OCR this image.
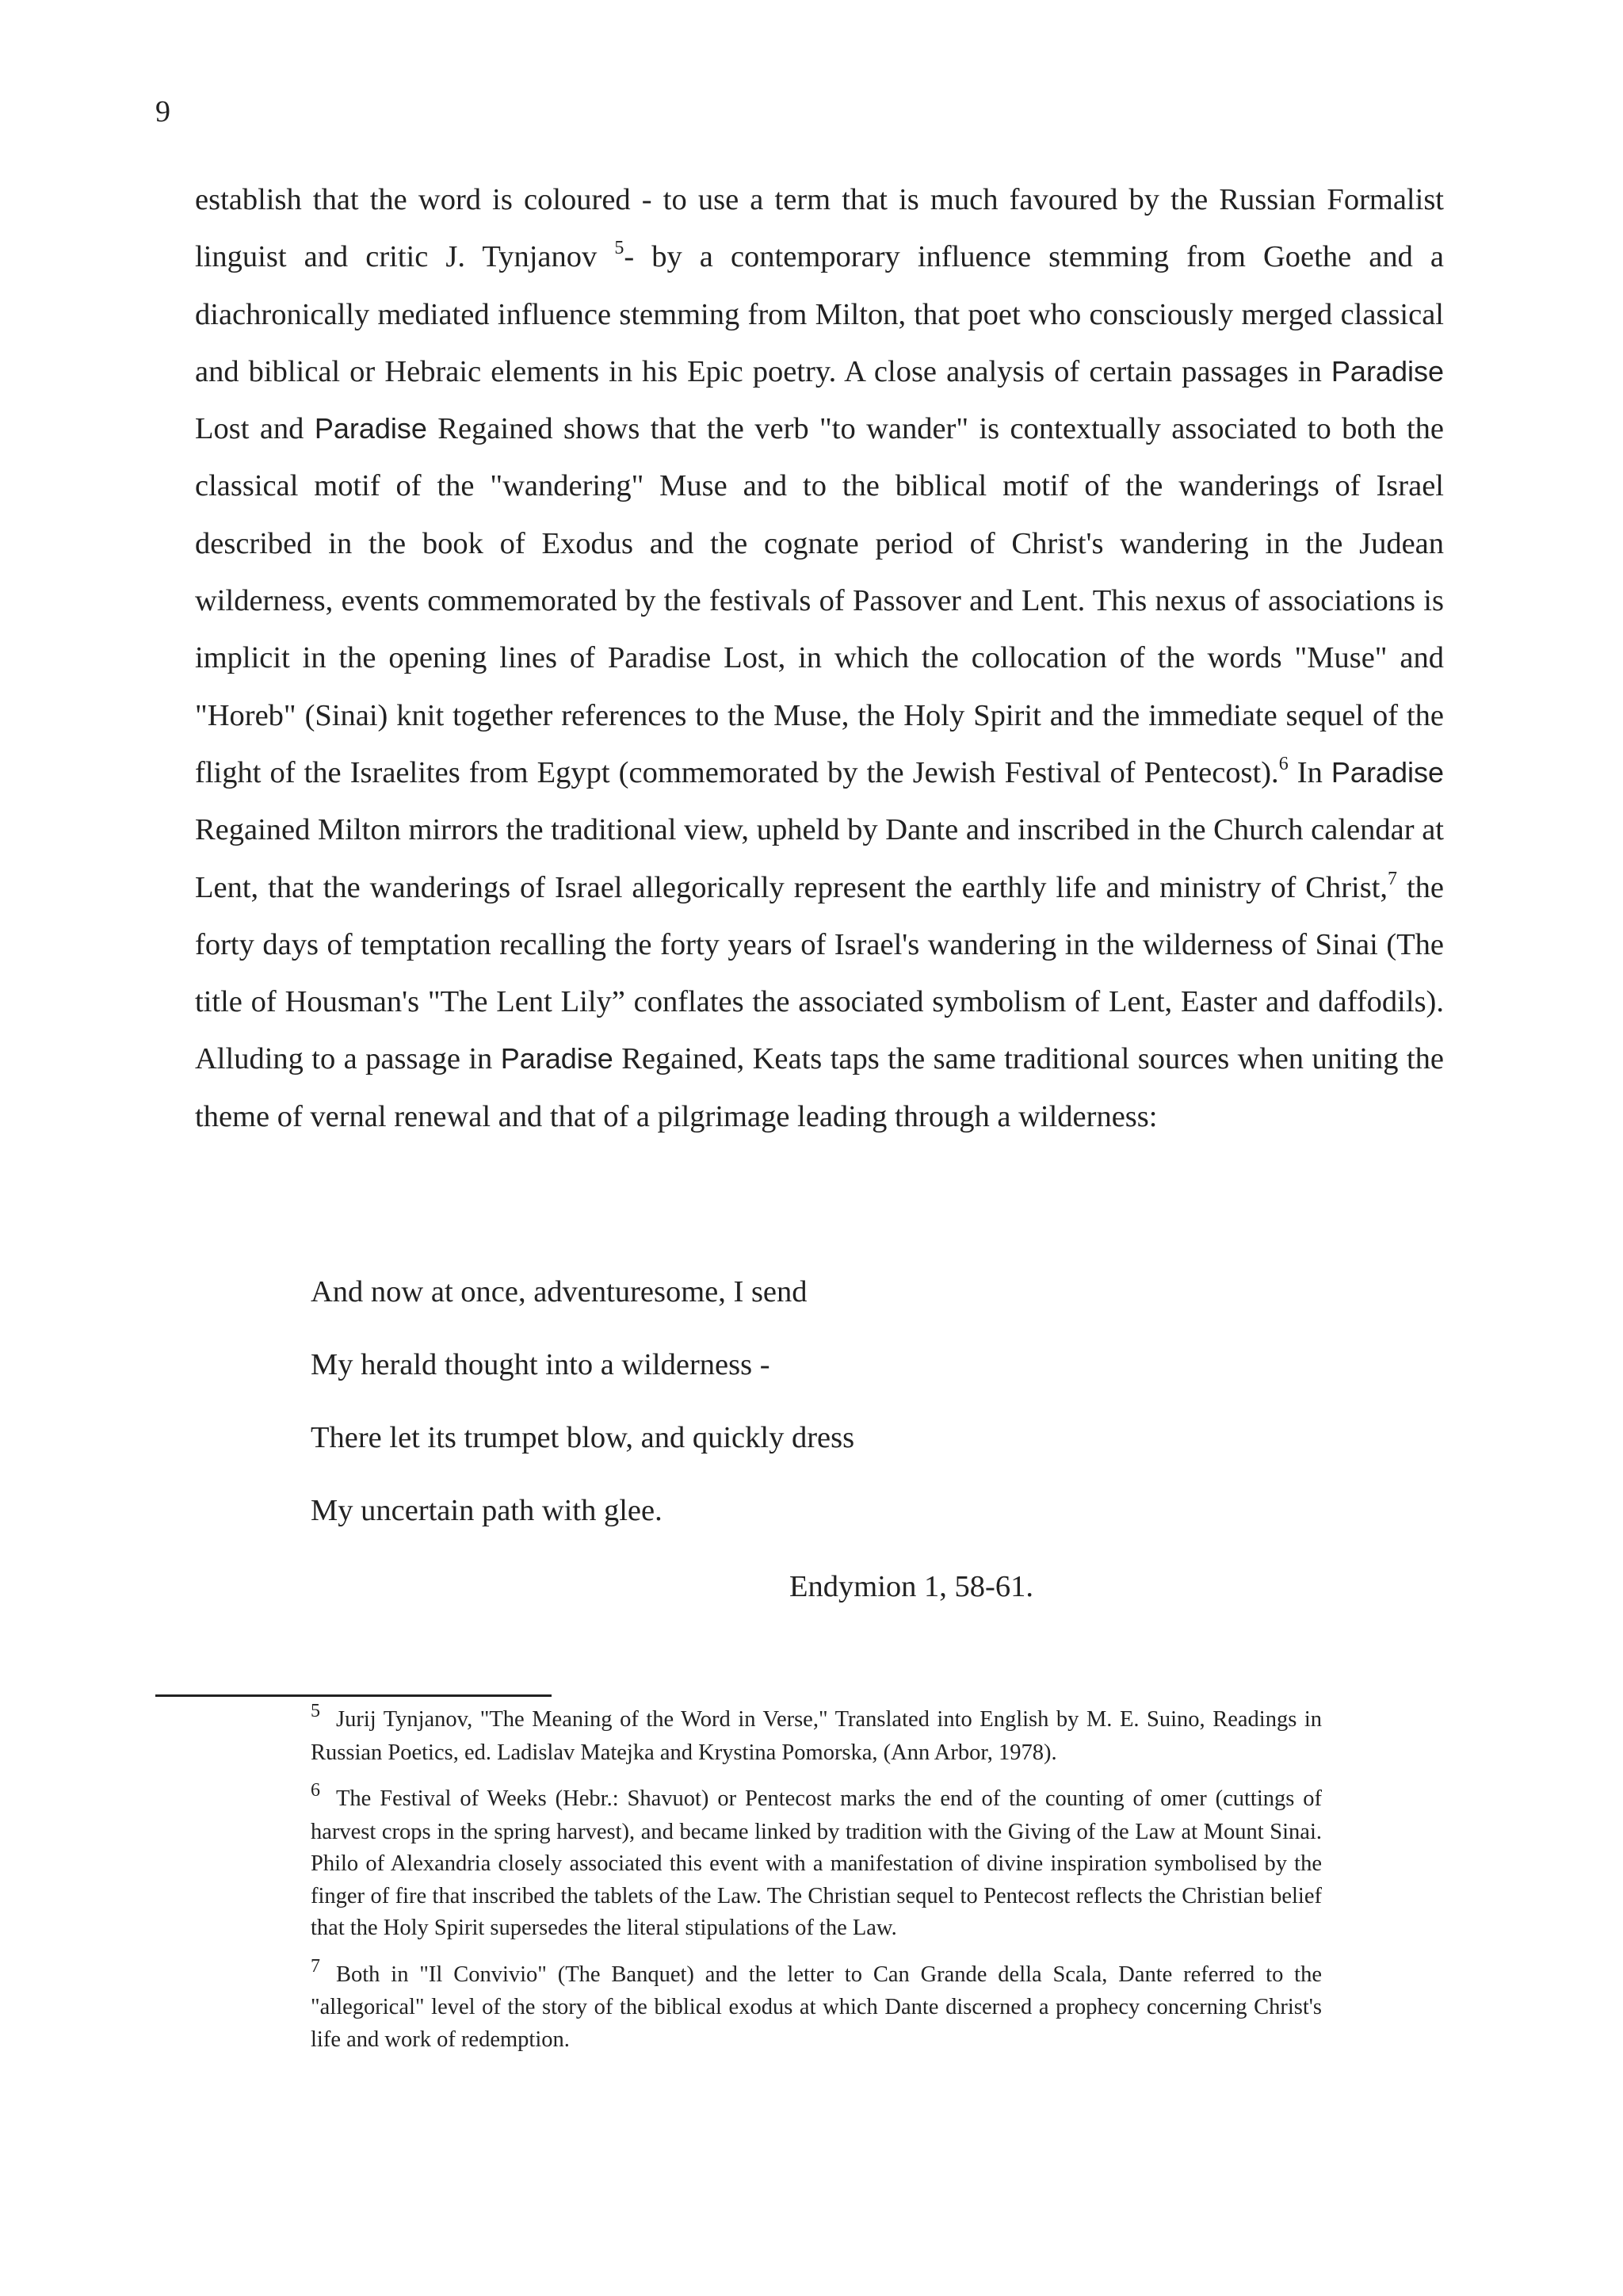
9

establish that the word is coloured - to use a term that is much favoured by the Russian Formalist linguist and critic J. Tynjanov $^5$- by a contemporary influence stemming from Goethe and a diachronically mediated influence stemming from Milton, that poet who consciously merged classical and biblical or Hebraic elements in his Epic poetry. A close analysis of certain passages in Paradise Lost and Paradise Regained shows that the verb "to wander" is contextually associated to both the classical motif of the "wandering" Muse and to the biblical motif of the wanderings of Israel described in the book of Exodus and the cognate period of Christ's wandering in the Judean wilderness, events commemorated by the festivals of Passover and Lent. This nexus of associations is implicit in the opening lines of Paradise Lost, in which the collocation of the words "Muse" and "Horeb" (Sinai) knit together references to the Muse, the Holy Spirit and the immediate sequel of the flight of the Israelites from Egypt (commemorated by the Jewish Festival of Pentecost).$^6$ In Paradise Regained Milton mirrors the traditional view, upheld by Dante and inscribed in the Church calendar at Lent, that the wanderings of Israel allegorically represent the earthly life and ministry of Christ,$^7$ the forty days of temptation recalling the forty years of Israel's wandering in the wilderness of Sinai (The title of Housman's "The Lent Lily” conflates the associated symbolism of Lent, Easter and daffodils). Alluding to a passage in Paradise Regained, Keats taps the same traditional sources when uniting the theme of vernal renewal and that of a pilgrimage leading through a wilderness:

And now at once, adventuresome, I send
My herald thought into a wilderness -
There let its trumpet blow, and quickly dress
My uncertain path with glee.
Endymion 1, 58-61.
$^5$ Jurij Tynjanov, "The Meaning of the Word in Verse," Translated into English by M. E. Suino, Readings in Russian Poetics, ed. Ladislav Matejka and Krystina Pomorska, (Ann Arbor, 1978).
$^6$ The Festival of Weeks (Hebr.: Shavuot) or Pentecost marks the end of the counting of omer (cuttings of harvest crops in the spring harvest), and became linked by tradition with the Giving of the Law at Mount Sinai. Philo of Alexandria closely associated this event with a manifestation of divine inspiration symbolised by the finger of fire that inscribed the tablets of the Law. The Christian sequel to Pentecost reflects the Christian belief that the Holy Spirit supersedes the literal stipulations of the Law.
$^7$ Both in "Il Convivio" (The Banquet) and the letter to Can Grande della Scala, Dante referred to the "allegorical" level of the story of the biblical exodus at which Dante discerned a prophecy concerning Christ's life and work of redemption.
